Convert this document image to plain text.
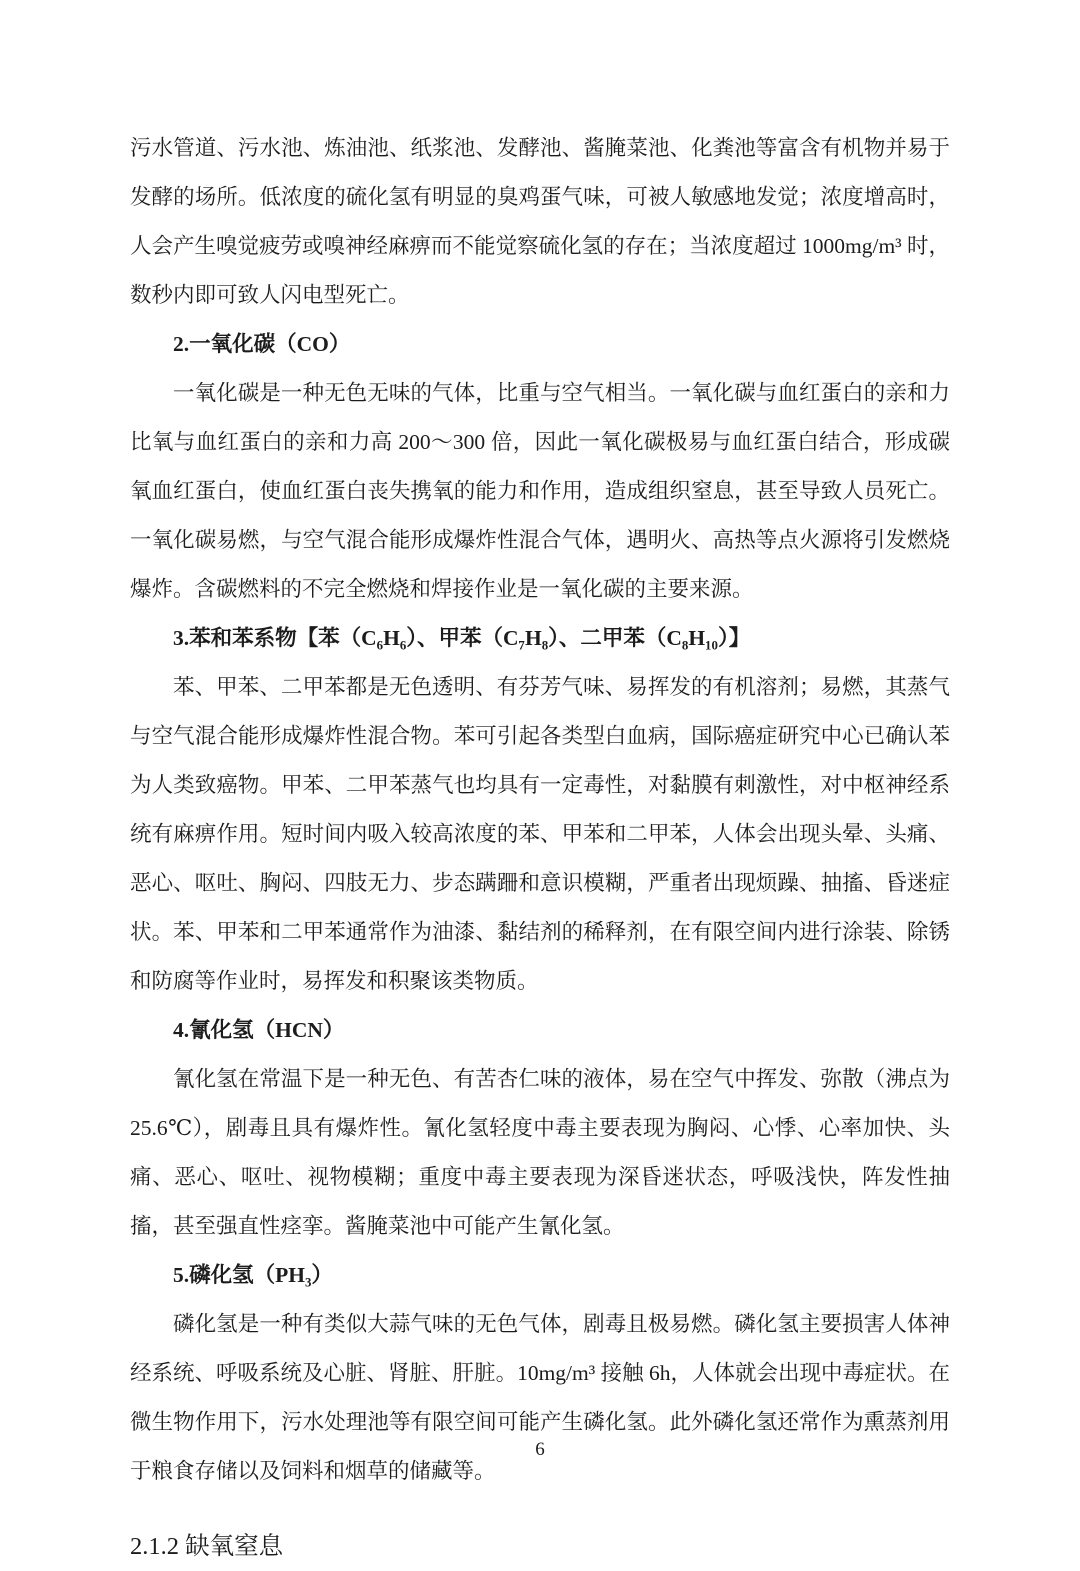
污水管道、污水池、炼油池、纸浆池、发酵池、酱腌菜池、化粪池等富含有机物并易于发酵的场所。低浓度的硫化氢有明显的臭鸡蛋气味，可被人敏感地发觉；浓度增高时，人会产生嗅觉疲劳或嗅神经麻痹而不能觉察硫化氢的存在；当浓度超过 1000mg/m³ 时，数秒内即可致人闪电型死亡。

2.一氧化碳（CO）

一氧化碳是一种无色无味的气体，比重与空气相当。一氧化碳与血红蛋白的亲和力比氧与血红蛋白的亲和力高 200～300 倍，因此一氧化碳极易与血红蛋白结合，形成碳氧血红蛋白，使血红蛋白丧失携氧的能力和作用，造成组织窒息，甚至导致人员死亡。一氧化碳易燃，与空气混合能形成爆炸性混合气体，遇明火、高热等点火源将引发燃烧爆炸。含碳燃料的不完全燃烧和焊接作业是一氧化碳的主要来源。

3.苯和苯系物【苯（C₆H₆）、甲苯（C₇H₈）、二甲苯（C₈H₁₀）】

苯、甲苯、二甲苯都是无色透明、有芬芳气味、易挥发的有机溶剂；易燃，其蒸气与空气混合能形成爆炸性混合物。苯可引起各类型白血病，国际癌症研究中心已确认苯为人类致癌物。甲苯、二甲苯蒸气也均具有一定毒性，对黏膜有刺激性，对中枢神经系统有麻痹作用。短时间内吸入较高浓度的苯、甲苯和二甲苯，人体会出现头晕、头痛、恶心、呕吐、胸闷、四肢无力、步态蹒跚和意识模糊，严重者出现烦躁、抽搐、昏迷症状。苯、甲苯和二甲苯通常作为油漆、黏结剂的稀释剂，在有限空间内进行涂装、除锈和防腐等作业时，易挥发和积聚该类物质。

4.氰化氢（HCN）

氰化氢在常温下是一种无色、有苦杏仁味的液体，易在空气中挥发、弥散（沸点为 25.6℃），剧毒且具有爆炸性。氰化氢轻度中毒主要表现为胸闷、心悸、心率加快、头痛、恶心、呕吐、视物模糊；重度中毒主要表现为深昏迷状态，呼吸浅快，阵发性抽搐，甚至强直性痉挛。酱腌菜池中可能产生氰化氢。

5.磷化氢（PH₃）

磷化氢是一种有类似大蒜气味的无色气体，剧毒且极易燃。磷化氢主要损害人体神经系统、呼吸系统及心脏、肾脏、肝脏。10mg/m³ 接触 6h，人体就会出现中毒症状。在微生物作用下，污水处理池等有限空间可能产生磷化氢。此外磷化氢还常作为熏蒸剂用于粮食存储以及饲料和烟草的储藏等。

2.1.2 缺氧窒息
6
